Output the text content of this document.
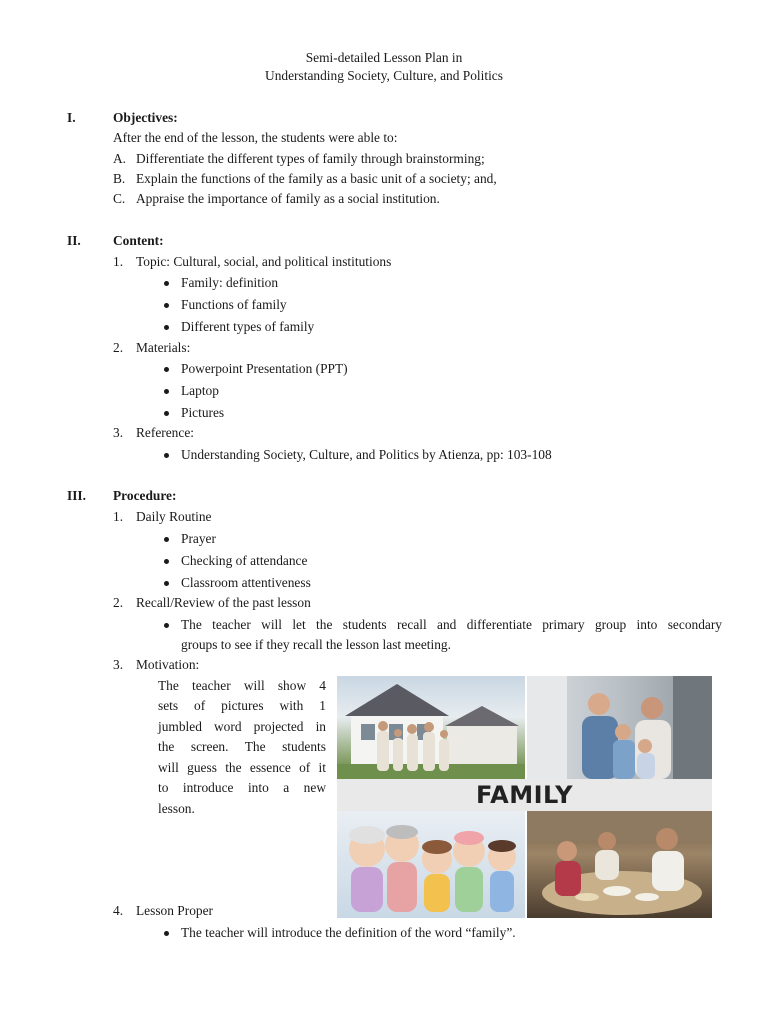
Semi-detailed Lesson Plan in
Understanding Society, Culture, and Politics
I.	Objectives:
After the end of the lesson, the students were able to:
A. Differentiate the different types of family through brainstorming;
B. Explain the functions of the family as a basic unit of a society; and,
C. Appraise the importance of family as a social institution.
II. Content:
1. Topic: Cultural, social, and political institutions
Family: definition
Functions of family
Different types of family
2. Materials:
Powerpoint Presentation (PPT)
Laptop
Pictures
3. Reference:
Understanding Society, Culture, and Politics by Atienza, pp: 103-108
III. Procedure:
1. Daily Routine
Prayer
Checking of attendance
Classroom attentiveness
2. Recall/Review of the past lesson
The teacher will let the students recall and differentiate primary group into secondary
groups to see if they recall the lesson last meeting.
3. Motivation:
The teacher will show 4
sets of pictures with 1
jumbled word projected in
the screen. The students
will guess the essence of it
to introduce into a new
lesson.	FAMILY
4. Lesson Proper
The teacher will introduce the definition of the word “family”.
